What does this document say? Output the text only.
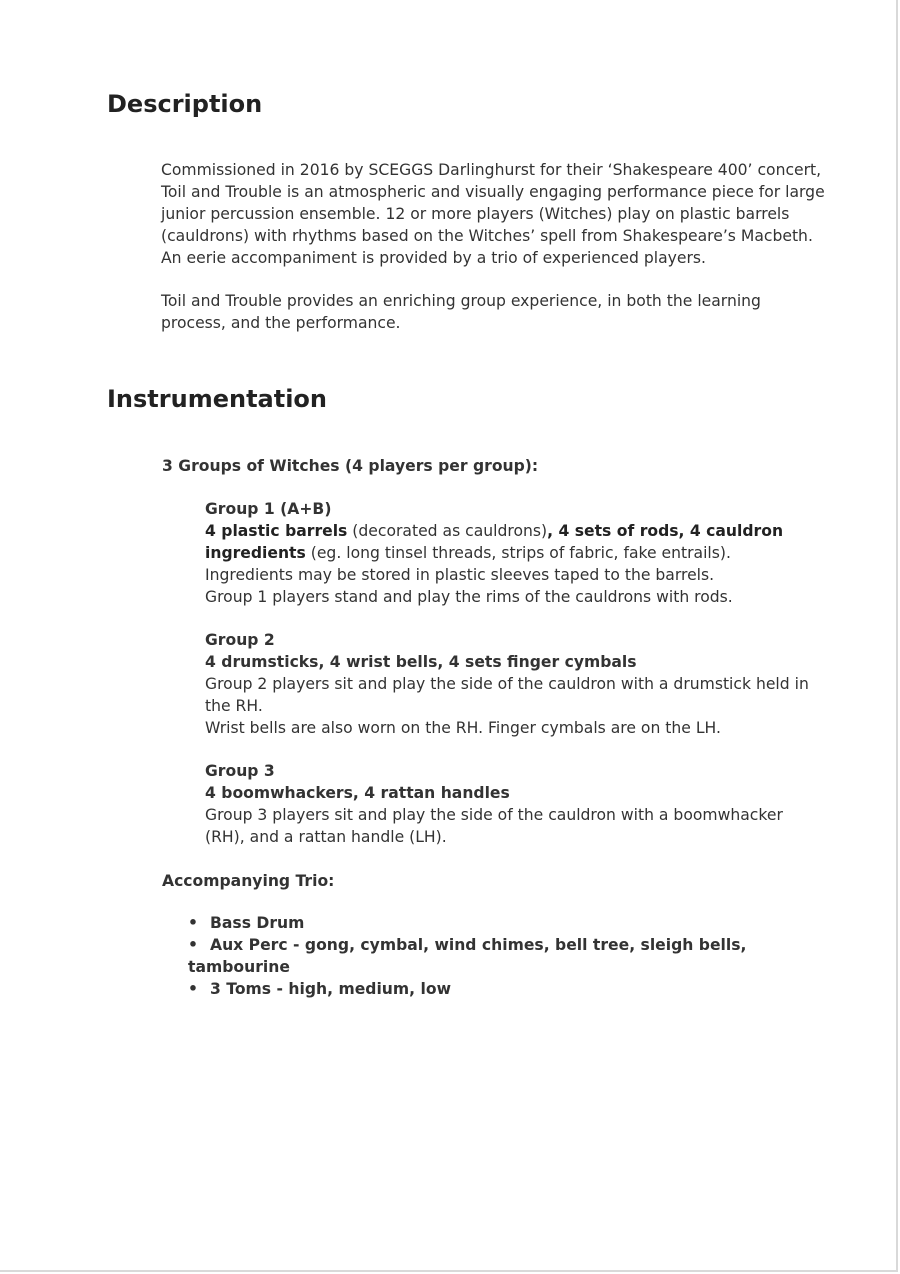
Description
Commissioned in 2016 by SCEGGS Darlinghurst for their ‘Shakespeare 400’ concert,
Toil and Trouble is an atmospheric and visually engaging performance piece for large
junior percussion ensemble. 12 or more players (Witches) play on plastic barrels
(cauldrons) with rhythms based on the Witches’ spell from Shakespeare’s Macbeth.
An eerie accompaniment is provided by a trio of experienced players.
Toil and Trouble provides an enriching group experience, in both the learning
process, and the performance.
Instrumentation

3 Groups of Witches (4 players per group):

Group 1 (A+B)

4 plastic barrels (decorated as cauldrons), 4 sets of rods, 4 cauldron

ingredients (eg. long tinsel threads, strips of fabric, fake entrails).

Ingredients may be stored in plastic sleeves taped to the barrels.

Group 1 players stand and play the rims of the cauldrons with rods.

Group 2

4 drumsticks, 4 wrist bells, 4 sets finger cymbals

Group 2 players sit and play the side of the cauldron with a drumstick held in

the RH.

Wrist bells are also worn on the RH. Finger cymbals are on the LH.

Group 3

4 boomwhackers, 4 rattan handles

Group 3 players sit and play the side of the cauldron with a boomwhacker

(RH), and a rattan handle (LH).

Accompanying Trio:

• Bass Drum

• Aux Perc - gong, cymbal, wind chimes, bell tree, sleigh bells,

tambourine

• 3 Toms - high, medium, low
